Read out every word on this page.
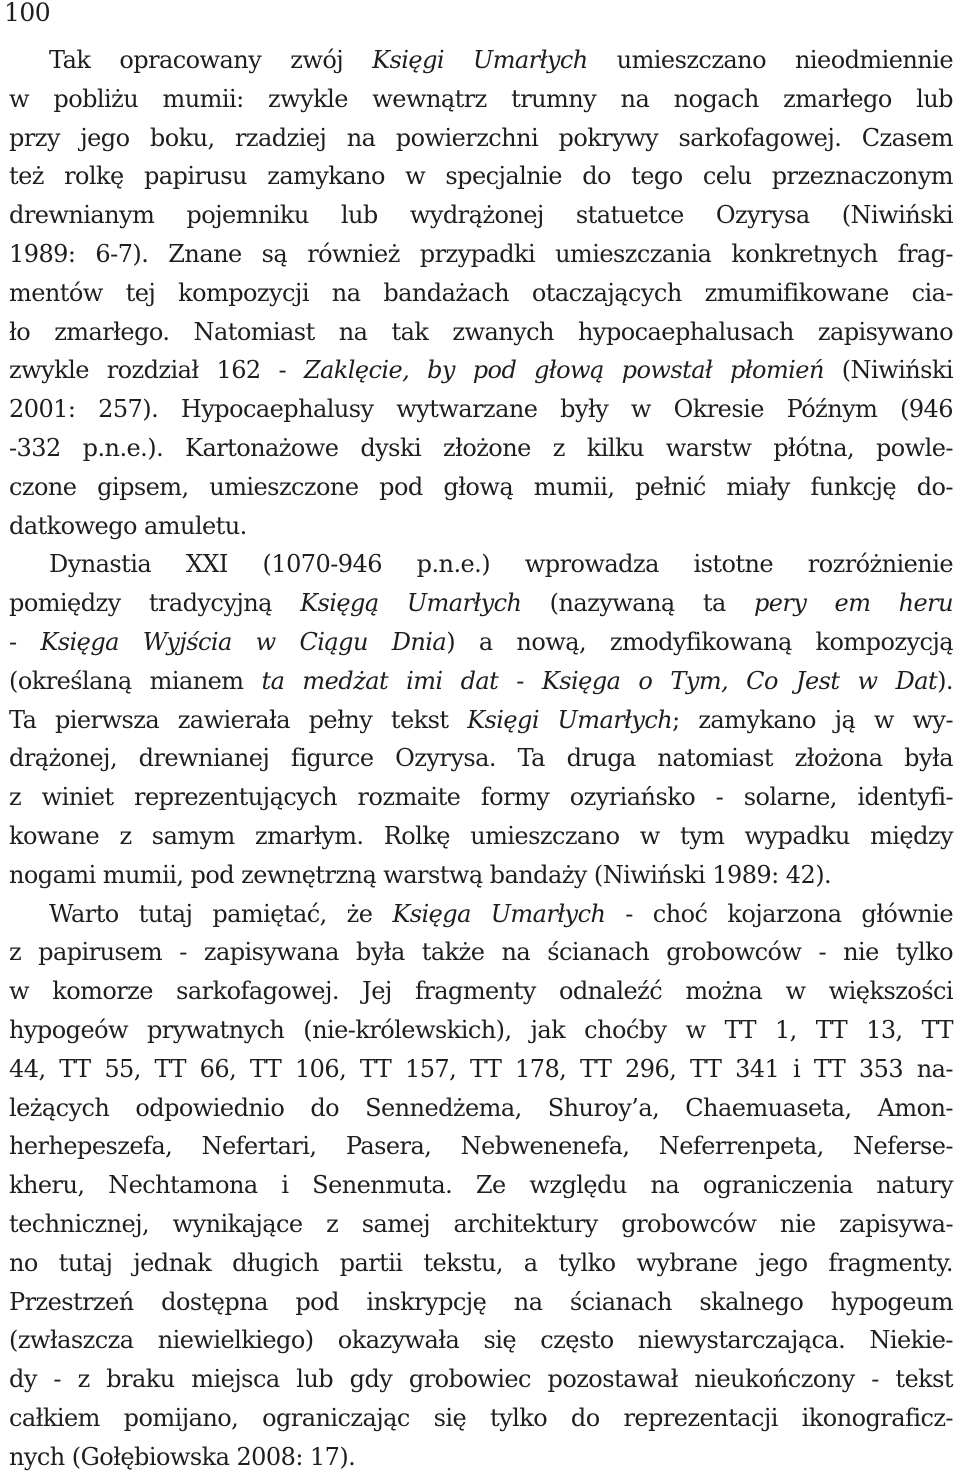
100
Tak opracowany zwój Księgi Umarłych umieszczano nieodmiennie
w pobliżu mumii: zwykle wewnątrz trumny na nogach zmarłego lub
przy jego boku, rzadziej na powierzchni pokrywy sarkofagowej. Czasem
też rolkę papirusu zamykano w specjalnie do tego celu przeznaczonym
drewnianym pojemniku lub wydrążonej statuetce Ozyrysa (Niwiński
1989: 6-7). Znane są również przypadki umieszczania konkretnych frag-
mentów tej kompozycji na bandażach otaczających zmumifikowane cia-
ło zmarłego. Natomiast na tak zwanych hypocaephalusach zapisywano
zwykle rozdział 162 - Zaklęcie, by pod głową powstał płomień (Niwiński
2001: 257). Hypocaephalusy wytwarzane były w Okresie Późnym (946
-332 p.n.e.). Kartonażowe dyski złożone z kilku warstw płótna, powle-
czone gipsem, umieszczone pod głową mumii, pełnić miały funkcję do-
datkowego amuletu.
Dynastia XXI (1070-946 p.n.e.) wprowadza istotne rozróżnienie
pomiędzy tradycyjną Księgą Umarłych (nazywaną ta pery em heru
- Księga Wyjścia w Ciągu Dnia) a nową, zmodyfikowaną kompozycją
(określaną mianem ta medżat imi dat - Księga o Tym, Co Jest w Dat).
Ta pierwsza zawierała pełny tekst Księgi Umarłych; zamykano ją w wy-
drążonej, drewnianej figurce Ozyrysa. Ta druga natomiast złożona była
z winiet reprezentujących rozmaite formy ozyriańsko - solarne, identyfi-
kowane z samym zmarłym. Rolkę umieszczano w tym wypadku między
nogami mumii, pod zewnętrzną warstwą bandaży (Niwiński 1989: 42).
Warto tutaj pamiętać, że Księga Umarłych - choć kojarzona głównie
z papirusem - zapisywana była także na ścianach grobowców - nie tylko
w komorze sarkofagowej. Jej fragmenty odnaleźć można w większości
hypogeów prywatnych (nie-królewskich), jak choćby w TT 1, TT 13, TT
44, TT 55, TT 66, TT 106, TT 157, TT 178, TT 296, TT 341 i TT 353 na-
leżących odpowiednio do Sennedżema, Shuroy’a, Chaemuaseta, Amon-
herhepeszefa, Nefertari, Pasera, Nebwenenefa, Neferrenpeta, Neferse-
kheru, Nechtamona i Senenmuta. Ze względu na ograniczenia natury
technicznej, wynikające z samej architektury grobowców nie zapisywa-
no tutaj jednak długich partii tekstu, a tylko wybrane jego fragmenty.
Przestrzeń dostępna pod inskrypcję na ścianach skalnego hypogeum
(zwłaszcza niewielkiego) okazywała się często niewystarczająca. Niekie-
dy - z braku miejsca lub gdy grobowiec pozostawał nieukończony - tekst
całkiem pomijano, ograniczając się tylko do reprezentacji ikonograficz-
nych (Gołębiowska 2008: 17).
